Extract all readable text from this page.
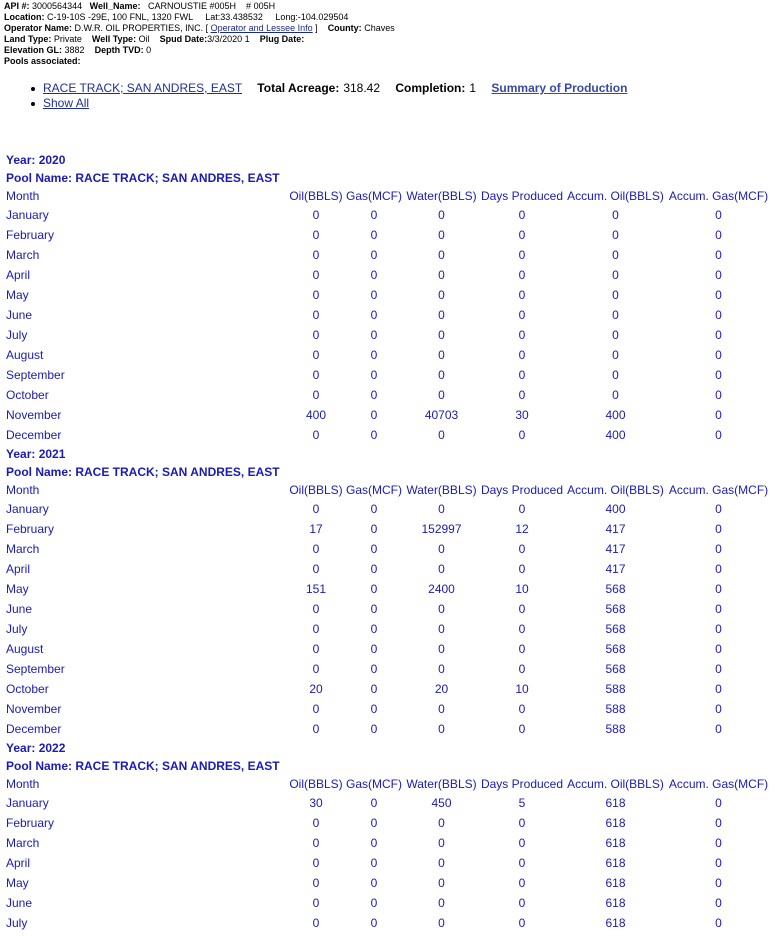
API #: 3000564344 Well_Name: CARNOUSTIE #005H # 005H
Location: C-19-10S -29E, 100 FNL, 1320 FWL Lat:33.438532 Long:-104.029504
Operator Name: D.W.R. OIL PROPERTIES, INC. [ Operator and Lessee Info ]    County: Chaves
Land Type: Private Well Type: Oil Spud Date:3/3/2020 1 Plug Date:
Elevation GL: 3882 Depth TVD: 0
Pools associated:
RACE TRACK; SAN ANDRES, EAST Total Acreage: 318.42 Completion: 1 Summary of Production
Show All
Year: 2020
Pool Name: RACE TRACK; SAN ANDRES, EAST
Month	Oil(BBLS)	Gas(MCF)	Water(BBLS)	Days Produced	Accum. Oil(BBLS)	Accum. Gas(MCF)
January	0	0	0	0	0	0
February	0	0	0	0	0	0
March	0	0	0	0	0	0
April	0	0	0	0	0	0
May	0	0	0	0	0	0
June	0	0	0	0	0	0
July	0	0	0	0	0	0
August	0	0	0	0	0	0
September	0	0	0	0	0	0
October	0	0	0	0	0	0
November	400	0	40703	30	400	0
December	0	0	0	0	400	0
Year: 2021
Pool Name: RACE TRACK; SAN ANDRES, EAST
Month	Oil(BBLS)	Gas(MCF)	Water(BBLS)	Days Produced	Accum. Oil(BBLS)	Accum. Gas(MCF)
January	0	0	0	0	400	0
February	17	0	152997	12	417	0
March	0	0	0	0	417	0
April	0	0	0	0	417	0
May	151	0	2400	10	568	0
June	0	0	0	0	568	0
July	0	0	0	0	568	0
August	0	0	0	0	568	0
September	0	0	0	0	568	0
October	20	0	20	10	588	0
November	0	0	0	0	588	0
December	0	0	0	0	588	0
Year: 2022
Pool Name: RACE TRACK; SAN ANDRES, EAST
Month	Oil(BBLS)	Gas(MCF)	Water(BBLS)	Days Produced	Accum. Oil(BBLS)	Accum. Gas(MCF)
January	30	0	450	5	618	0
February	0	0	0	0	618	0
March	0	0	0	0	618	0
April	0	0	0	0	618	0
May	0	0	0	0	618	0
June	0	0	0	0	618	0
July	0	0	0	0	618	0
